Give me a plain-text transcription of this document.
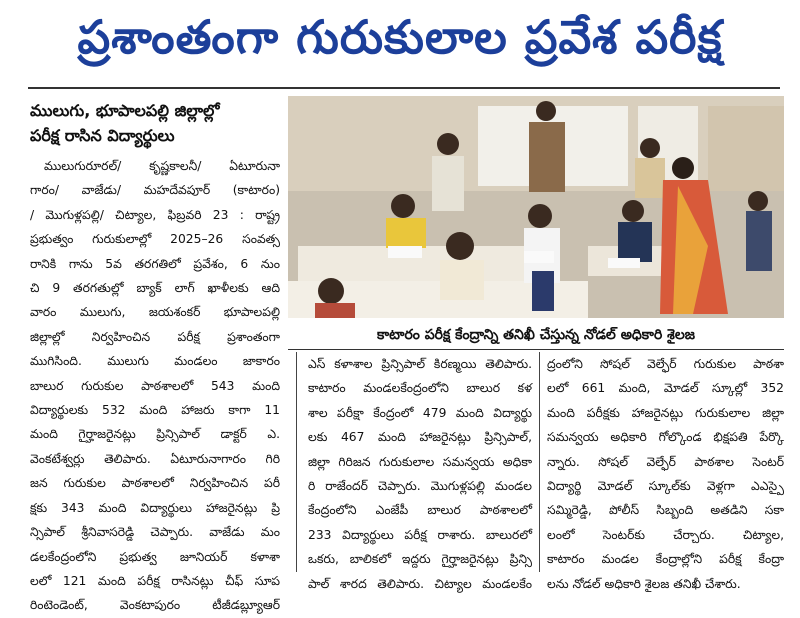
ప్రశాంతంగా గురుకులాల ప్రవేశ పరీక్ష
ములుగు, భూపాలపల్లి జిల్లాల్లో
పరీక్ష రాసిన విద్యార్థులు
కాటారం పరీక్ష కేంద్రాన్ని తనిఖీ చేస్తున్న నోడల్ అధికారి శైలజ

ములుగురూరల్/ కృష్ణకాలనీ/ ఏటూరునా

గారం/ వాజేడు/ మహదేవపూర్ (కాటారం)

/ మొగుళ్లపల్లి/ చిట్యాల, ఫిబ్రవరి 23 : రాష్ట్ర

ప్రభుత్వం గురుకులాల్లో 2025–26 సంవత్స

రానికి గాను 5వ తరగతిలో ప్రవేశం, 6 నుం

చి 9 తరగతుల్లో బ్యాక్ లాగ్ ఖాళీలకు ఆది

వారం ములుగు, జయశంకర్ భూపాలపల్లి

జిల్లాల్లో నిర్వహించిన పరీక్ష ప్రశాంతంగా

ముగిసింది. ములుగు మండలం జాకారం

బాలుర గురుకుల పాఠశాలలో 543 మంది

విద్యార్థులకు 532 మంది హాజరు కాగా 11

మంది గైర్హాజరైనట్లు ప్రిన్సిపాల్ డాక్టర్ ఎ.

వెంకటేశ్వర్లు తెలిపారు. ఏటూరునాగారం గిరి

జన గురుకుల పాఠశాలలో నిర్వహించిన పరీ

క్షకు 343 మంది విద్యార్థులు హాజరైనట్లు ప్రి

న్సిపాల్ శ్రీనివాసరెడ్డి చెప్పారు. వాజేడు మం

డలకేంద్రంలోని ప్రభుత్వ జూనియర్ కళాశా

లలో 121 మంది పరీక్ష రాసినట్లు చీఫ్ సూప

రింటెండెంట్, వెంకటాపురం టీజీడబ్ల్యూఆర్

ఎస్ కళాశాల ప్రిన్సిపాల్ కిరణ్మయి తెలిపారు.

కాటారం మండలకేంద్రంలోని బాలుర కళ

శాల పరీక్షా కేంద్రంలో 479 మంది విద్యార్థు

లకు 467 మంది హాజరైనట్లు ప్రిన్సిపాల్,

జిల్లా గిరిజన గురుకులాల సమన్వయ అధికా

రి రాజేందర్ చెప్పారు. మొగుళ్లపల్లి మండల

కేంద్రంలోని ఎంజేపీ బాలుర పాఠశాలలో

233 విద్యార్థులు పరీక్ష రాశారు. బాలురలో

ఒకరు, బాలికలో ఇద్దరు గైర్హాజరైనట్లు ప్రిన్సి

పాల్ శారద తెలిపారు. చిట్యాల మండలకేం

ద్రంలోని సోషల్ వెల్ఫేర్ గురుకుల పాఠశా

లలో 661 మంది, మోడల్ స్కూల్లో 352

మంది పరీక్షకు హాజరైనట్లు గురుకులాల జిల్లా

సమన్వయ అధికారి గోల్కొండ భిక్షపతి పేర్కొ

న్నారు. సోషల్ వెల్ఫేర్ పాఠశాల సెంటర్

విద్యార్థి మోడల్ స్కూల్‌కు వెళ్లగా ఎఎస్పై

సమ్మిరెడ్డి, పోలీస్ సిబ్బంది అతడిని సకా

లంలో సెంటర్‌కు చేర్చారు. చిట్యాల,

కాటారం మండల కేంద్రాల్లోని పరీక్ష కేంద్రా

లను నోడల్ అధికారి శైలజ తనిఖీ చేశారు.
